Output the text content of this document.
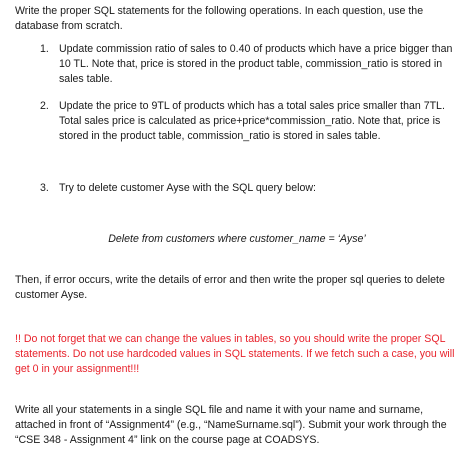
Write the proper SQL statements for the following operations. In each question, use the database from scratch.

1. Update commission ratio of sales to 0.40 of products which have a price bigger than 10 TL. Note that, price is stored in the product table, commission_ratio is stored in sales table.
2. Update the price to 9TL of products which has a total sales price smaller than 7TL. Total sales price is calculated as price+price*commission_ratio. Note that, price is stored in the product table, commission_ratio is stored in sales table.
3. Try to delete customer Ayse with the SQL query below:

Delete from customers where customer_name = ‘Ayse’

Then, if error occurs, write the details of error and then write the proper sql queries to delete customer Ayse.

!! Do not forget that we can change the values in tables, so you should write the proper SQL statements. Do not use hardcoded values in SQL statements. If we fetch such a case, you will get 0 in your assignment!!!

Write all your statements in a single SQL file and name it with your name and surname, attached in front of “Assignment4” (e.g., “NameSurname.sql”). Submit your work through the “CSE 348 - Assignment 4” link on the course page at COADSYS.
